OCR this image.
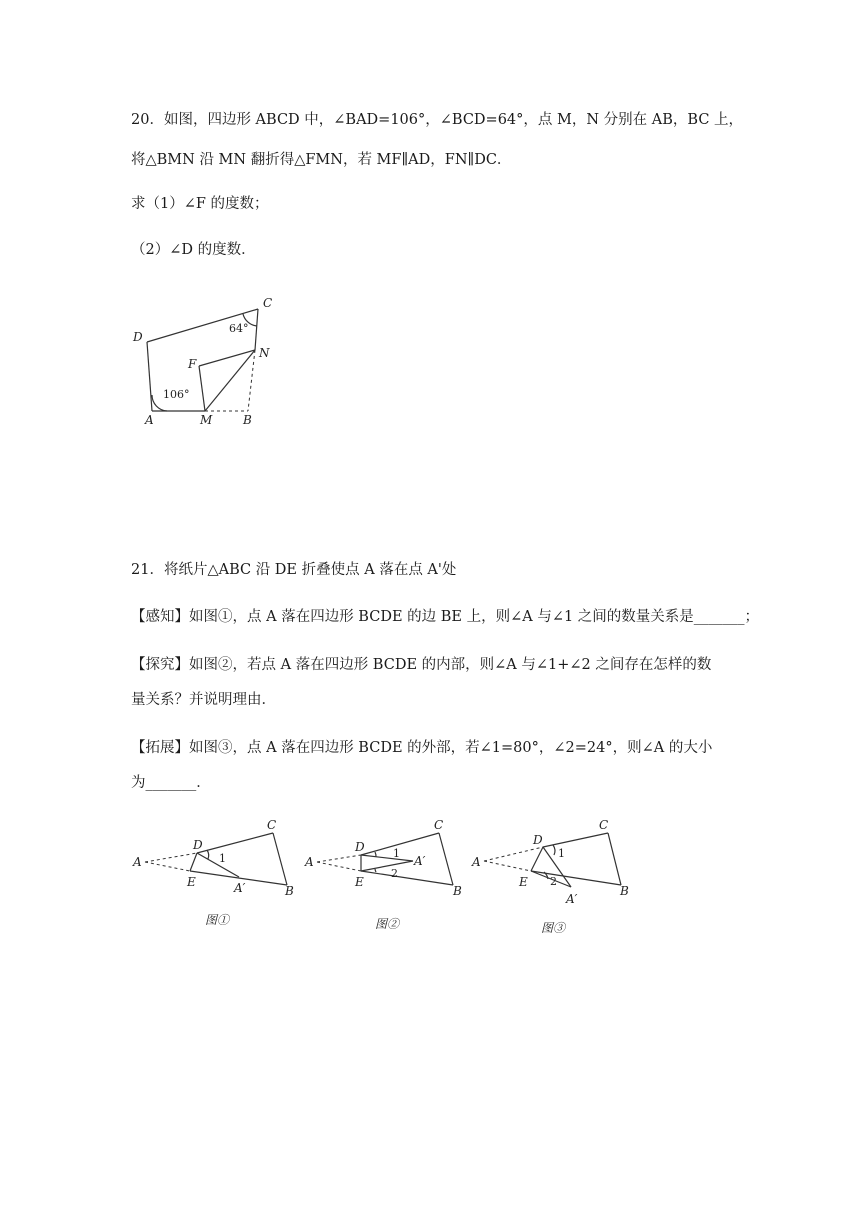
20．如图，四边形 ABCD 中，∠BAD=106°，∠BCD=64°，点 M，N 分别在 AB，BC 上，
将△BMN 沿 MN 翻折得△FMN，若 MF∥AD，FN∥DC．
求（1）∠F 的度数；
（2）∠D 的度数．
D
C
F
N
A	M	B
106°
64°
21．将纸片△ABC 沿 DE 折叠使点 A 落在点 A'处
【感知】如图①，点 A 落在四边形 BCDE 的边 BE 上，则∠A 与∠1 之间的数量关系是_______；
【探究】如图②，若点 A 落在四边形 BCDE 的内部，则∠A 与∠1+∠2 之间存在怎样的数
量关系？并说明理由．
【拓展】如图③，点 A 落在四边形 BCDE 的外部，若∠1=80°，∠2=24°，则∠A 的大小
为_______．
A
D
C
E	A′	B
1
图①
A
D
C
E
A′
B
1
2
图②
A
D
C
E
A′
B
1
2
图③
